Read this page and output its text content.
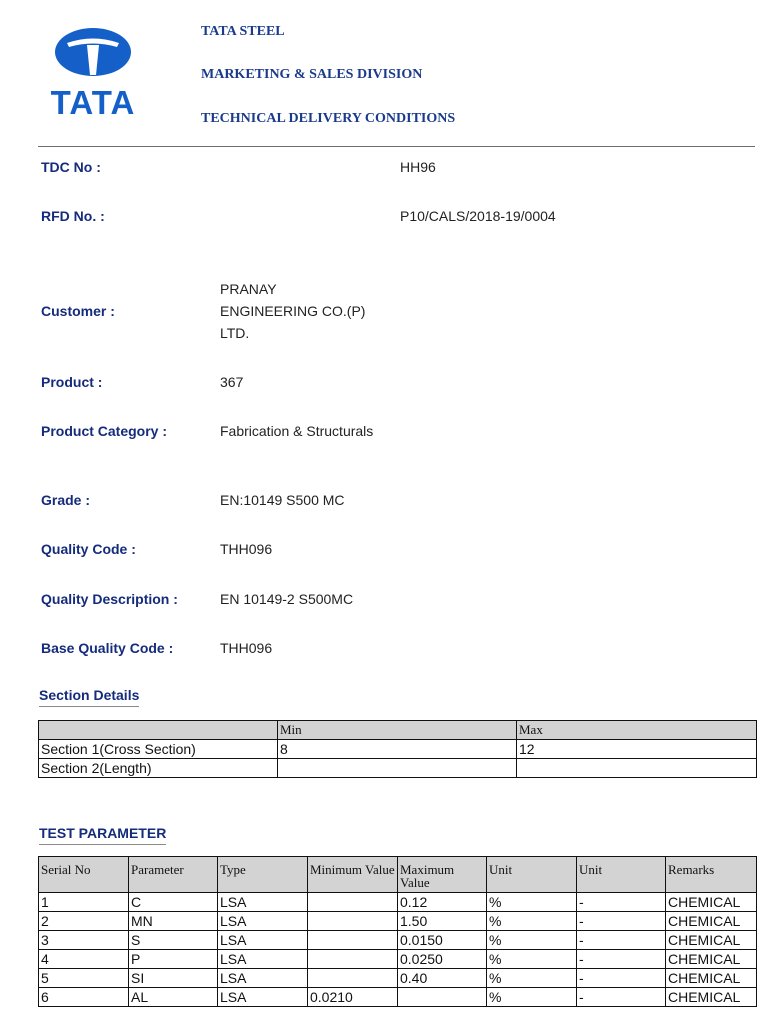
TATA
TATA STEEL
MARKETING & SALES DIVISION
TECHNICAL DELIVERY CONDITIONS
TDC No :	HH96
RFD No. :	P10/CALS/2018-19/0004
Customer :
PRANAY
ENGINEERING CO.(P)
LTD.
Product :	367
Product Category :	Fabrication & Structurals
Grade :	EN:10149 S500 MC
Quality Code :	THH096
Quality Description :	EN 10149-2 S500MC
Base Quality Code :	THH096
Section Details
	Min	Max
Section 1(Cross Section)	8	12
Section 2(Length)		
TEST PARAMETER
Serial No	Parameter	Type	Minimum Value	Maximum Value	Unit	Unit	Remarks
1	C	LSA		0.12	%	-	CHEMICAL
2	MN	LSA		1.50	%	-	CHEMICAL
3	S	LSA		0.0150	%	-	CHEMICAL
4	P	LSA		0.0250	%	-	CHEMICAL
5	SI	LSA		0.40	%	-	CHEMICAL
6	AL	LSA	0.0210		%	-	CHEMICAL
